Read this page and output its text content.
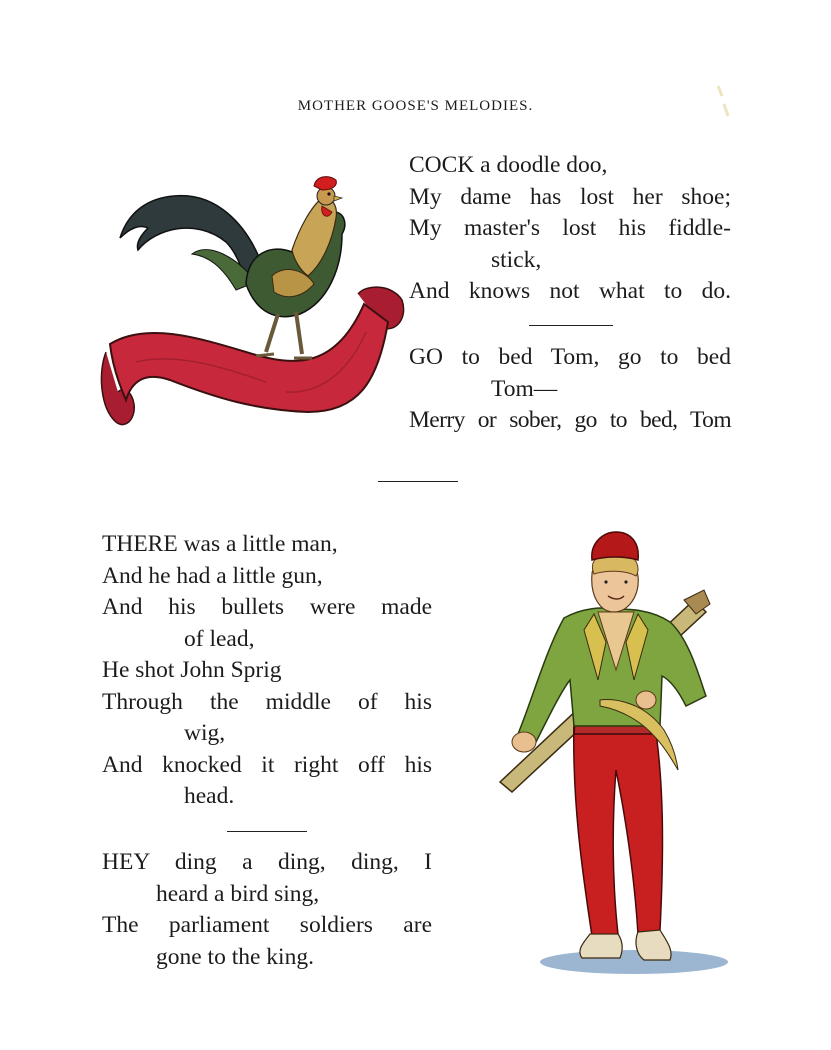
MOTHER GOOSE'S MELODIES.
COCK a doodle doo,
My dame has lost her shoe;
My master's lost his fiddle-
stick,
And knows not what to do.
GO to bed Tom, go to bed
Tom—
Merry or sober, go to bed, Tom
THERE was a little man,
And he had a little gun,
And his bullets were made
of lead,
He shot John Sprig
Through the middle of his
wig,
And knocked it right off his
head.
HEY ding a ding, ding, I
heard a bird sing,
The parliament soldiers are
gone to the king.
